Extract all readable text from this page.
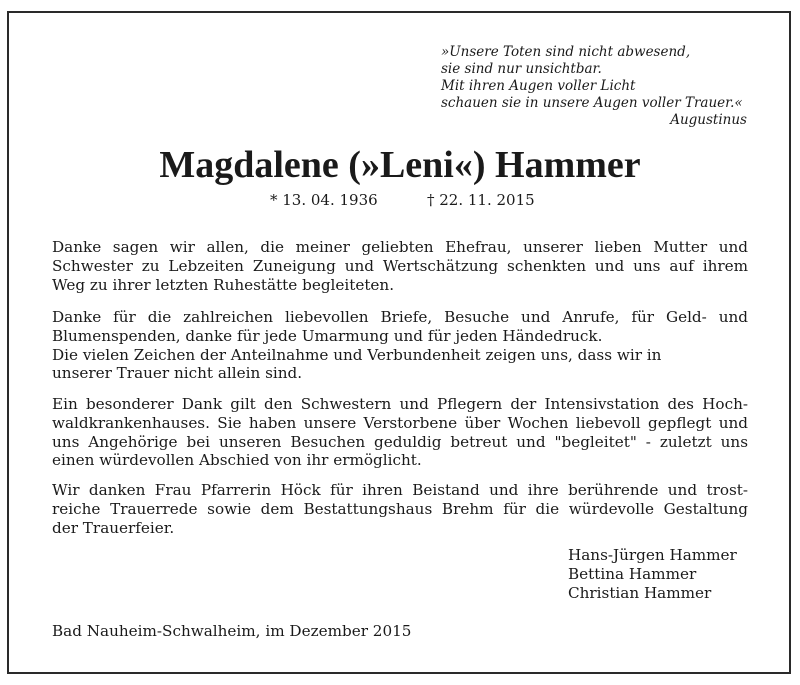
»Unsere Toten sind nicht abwesend,
sie sind nur unsichtbar.
Mit ihren Augen voller Licht
schauen sie in unsere Augen voller Trauer.«
Augustinus
Magdalene (»Leni«) Hammer
* 13. 04. 1936	† 22. 11. 2015
Danke sagen wir allen, die meiner geliebten Ehefrau, unserer lieben Mutter und
Schwester zu Lebzeiten Zuneigung und Wertschätzung schenkten und uns auf ihrem
Weg zu ihrer letzten Ruhestätte begleiteten.
Danke für die zahlreichen liebevollen Briefe, Besuche und Anrufe, für Geld- und
Blumenspenden, danke für jede Umarmung und für jeden Händedruck.
Die vielen Zeichen der Anteilnahme und Verbundenheit zeigen uns, dass wir in
unserer Trauer nicht allein sind.
Ein besonderer Dank gilt den Schwestern und Pflegern der Intensivstation des Hoch-
waldkrankenhauses. Sie haben unsere Verstorbene über Wochen liebevoll gepflegt und
uns Angehörige bei unseren Besuchen geduldig betreut und "begleitet" - zuletzt uns
einen würdevollen Abschied von ihr ermöglicht.
Wir danken Frau Pfarrerin Höck für ihren Beistand und ihre berührende und trost-
reiche Trauerrede sowie dem Bestattungshaus Brehm für die würdevolle Gestaltung
der Trauerfeier.
Hans-Jürgen Hammer
Bettina Hammer
Christian Hammer
Bad Nauheim-Schwalheim, im Dezember 2015
